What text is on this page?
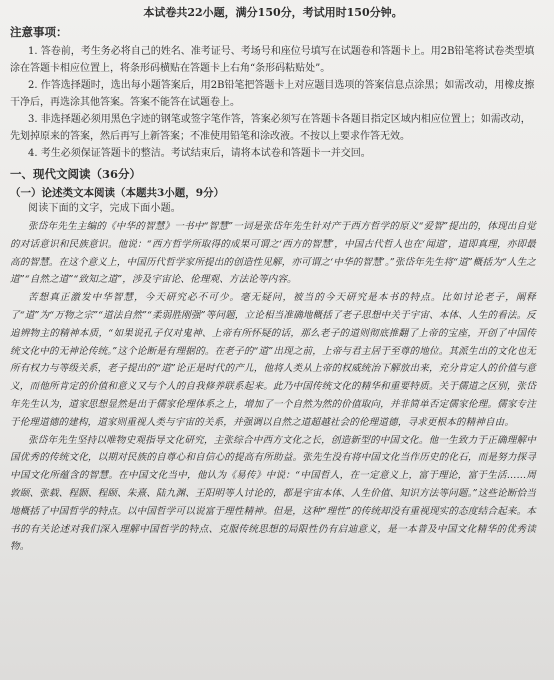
本试卷共22小题，满分150分，考试用时150分钟。
注意事项：

1. 答卷前，考生务必将自己的姓名、准考证号、考场号和座位号填写在试题卷和答题卡上。用2B铅笔将试卷类型填涂在答题卡相应位置上，将条形码横贴在答题卡上右角“条形码粘贴处”。

2. 作答选择题时，选出每小题答案后，用2B铅笔把答题卡上对应题目选项的答案信息点涂黑；如需改动，用橡皮擦干净后，再选涂其他答案。答案不能答在试题卷上。

3. 非选择题必须用黑色字迹的钢笔或签字笔作答，答案必须写在答题卡各题目指定区域内相应位置上；如需改动，先划掉原来的答案，然后再写上新答案；不准使用铅笔和涂改液。不按以上要求作答无效。

4. 考生必须保证答题卡的整洁。考试结束后，请将本试卷和答题卡一并交回。

一、现代文阅读（36分）
（一）论述类文本阅读（本题共3小题，9分）

阅读下面的文字，完成下面小题。

张岱年先生主编的《中华的智慧》一书中“智慧”一词是张岱年先生针对产于西方哲学的原义“爱智”提出的，体现出自觉的对话意识和民族意识。他说：“西方哲学所取得的成果可谓之‘西方的智慧’，中国古代哲人也在‘闻道’，道即真理，亦即最高的智慧。在这个意义上，中国历代哲学家所提出的创造性见解，亦可谓之‘中华的智慧’。”张岱年先生将“道”概括为“人生之道”“自然之道”“致知之道”，涉及宇宙论、伦理观、方法论等内容。

苦想真正激发中华智慧，今天研究必不可少。毫无疑问，被当的今天研究是本书的特点。比如讨论老子，阐释了“道”为“万物之宗”“道法自然”“柔弱胜刚强”等问题，立论相当准确地概括了老子思想中关于宇宙、本体、人生的看法。反追辨物主的精神本质，“如果说孔子仅对鬼神、上帝有所怀疑的话，那么老子的道则彻底推翻了上帝的宝座，开创了中国传统文化中的无神论传统。”这个论断是有理据的。在老子的“道”出现之前，上帝与君主居于至尊的地位。其派生出的文化也无所有权力与等级关系，老子提出的“道”论正是时代的产儿，他将人类从上帝的权威统治下解放出来，充分肯定人的价值与意义，而他所肯定的价值和意义又与个人的自我修养联系起来。此乃中国传统文化的精华和重要特质。关于儒道之区别，张岱年先生认为，道家思想显然是出于儒家伦理体系之上，增加了一个自然为然的价值取向，并非简单否定儒家伦理。儒家专注于伦理道德的建构，道家则重视人类与宇宙的关系，并强调以自然之道超越社会的伦理道德，寻求更根本的精神自由。

张岱年先生坚持以唯物史观指导文化研究，主张综合中西方文化之长，创造新型的中国文化。他一生致力于正确理解中国优秀的传统文化，以期对民族的自尊心和自信心的提高有所助益。张先生没有将中国文化当作历史的化石，而是努力探寻中国文化所蕴含的智慧。在中国文化当中，他认为《易传》中说：“中国哲人，在一定意义上，富于理论，富于生活……周敦颐、张载、程颢、程颐、朱熹、陆九渊、王阳明等人讨论的，都是宇宙本体、人生价值、知识方法等问题。”这些论断恰当地概括了中国哲学的特点。以中国哲学可以说富于理性精神。但是，这种“理性”的传统却没有重视现实的态度结合起来。本书的有关论述对我们深入理解中国哲学的特点、克服传统思想的局限性仍有启迪意义，是一本普及中国文化精华的优秀读物。
